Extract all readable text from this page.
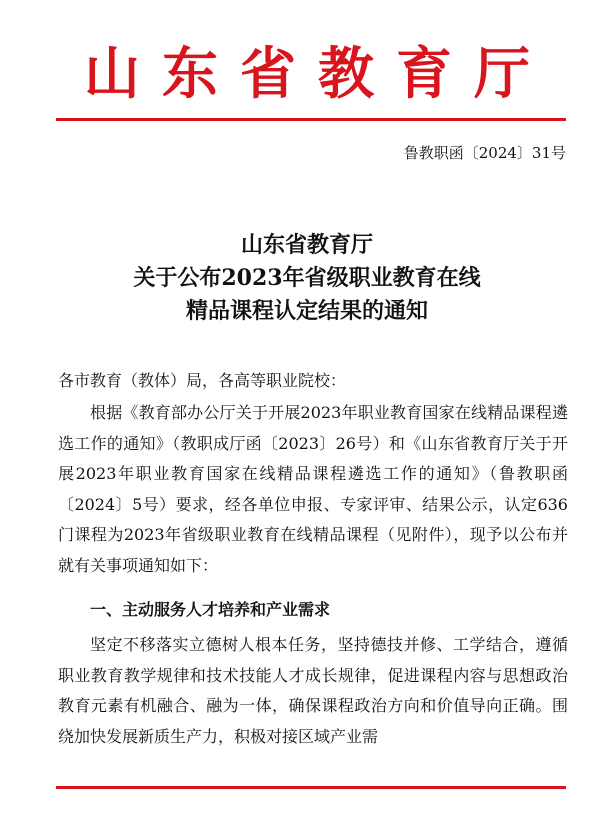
山东省教育厅
鲁教职函〔2024〕31号
山东省教育厅
关于公布2023年省级职业教育在线
精品课程认定结果的通知
各市教育（教体）局，各高等职业院校：
根据《教育部办公厅关于开展2023年职业教育国家在线精品课程遴选工作的通知》（教职成厅函〔2023〕26号）和《山东省教育厅关于开展2023年职业教育国家在线精品课程遴选工作的通知》（鲁教职函〔2024〕5号）要求，经各单位申报、专家评审、结果公示，认定636门课程为2023年省级职业教育在线精品课程（见附件），现予以公布并就有关事项通知如下：
一、主动服务人才培养和产业需求
坚定不移落实立德树人根本任务，坚持德技并修、工学结合，遵循职业教育教学规律和技术技能人才成长规律，促进课程内容与思想政治教育元素有机融合、融为一体，确保课程政治方向和价值导向正确。围绕加快发展新质生产力，积极对接区域产业需
